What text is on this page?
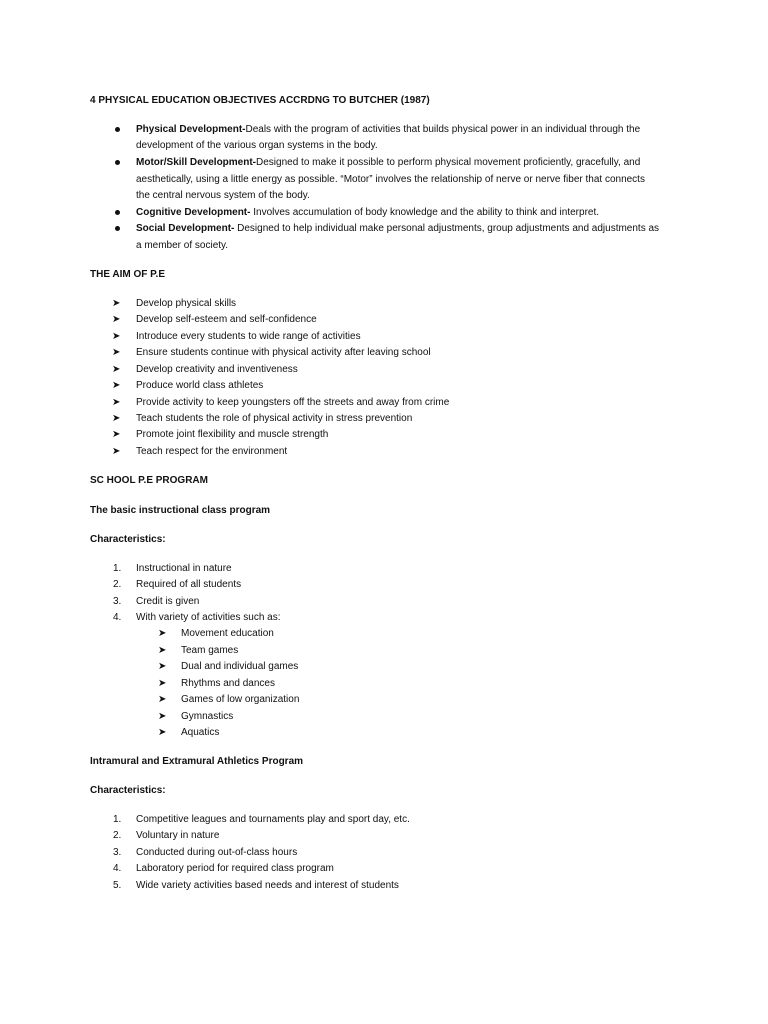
4 PHYSICAL EDUCATION OBJECTIVES ACCRDNG TO BUTCHER (1987)
Physical Development-Deals with the program of activities that builds physical power in an individual through the
development of the various organ systems in the body.
Motor/Skill Development-Designed to make it possible to perform physical movement proficiently, gracefully, and
aesthetically, using a little energy as possible. “Motor” involves the relationship of nerve or nerve fiber that connects
the central nervous system of the body.
Cognitive Development- Involves accumulation of body knowledge and the ability to think and interpret.
Social Development- Designed to help individual make personal adjustments, group adjustments and adjustments as
a member of society.
THE AIM OF P.E
➤ Develop physical skills
➤ Develop self-esteem and self-confidence
➤ Introduce every students to wide range of activities
➤ Ensure students continue with physical activity after leaving school
➤ Develop creativity and inventiveness
➤ Produce world class athletes
➤ Provide activity to keep youngsters off the streets and away from crime
➤ Teach students the role of physical activity in stress prevention
➤ Promote joint flexibility and muscle strength
➤ Teach respect for the environment
SC HOOL P.E PROGRAM
The basic instructional class program
Characteristics:
1. Instructional in nature
2. Required of all students
3. Credit is given
4. With variety of activities such as:
➤ Movement education
➤ Team games
➤ Dual and individual games
➤ Rhythms and dances
➤ Games of low organization
➤ Gymnastics
➤ Aquatics
Intramural and Extramural Athletics Program
Characteristics:
1. Competitive leagues and tournaments play and sport day, etc.
2. Voluntary in nature
3. Conducted during out-of-class hours
4. Laboratory period for required class program
5. Wide variety activities based needs and interest of students
